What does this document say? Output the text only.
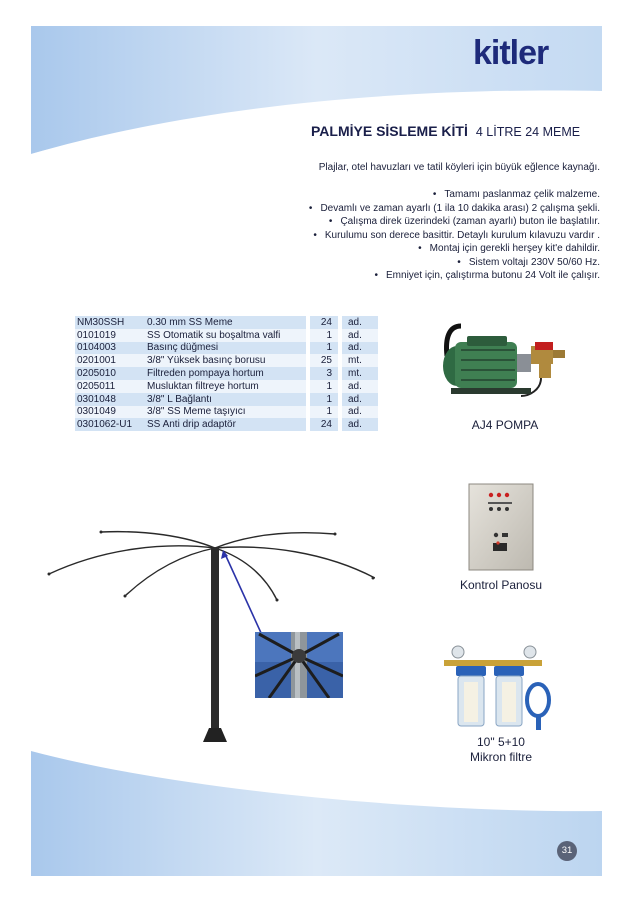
kitler
PALMİYE SİSLEME KİTİ 4 LİTRE 24 MEME
Plajlar, otel havuzları ve tatil köyleri için büyük eğlence kaynağı.
• Tamamı paslanmaz çelik malzeme.
• Devamlı ve zaman ayarlı (1 ila 10 dakika arası) 2 çalışma şekli.
• Çalışma direk üzerindeki (zaman ayarlı) buton ile başlatılır.
• Kurulumu son derece basittir. Detaylı kurulum kılavuzu vardır .
• Montaj için gerekli herşey kit'e dahildir.
• Sistem voltajı 230V 50/60 Hz.
• Emniyet için, çalıştırma butonu 24 Volt ile çalışır.
NM30SSH	0.30 mm SS Meme		24		ad.
0101019	SS Otomatik su boşaltma valfi		1		ad.
0104003	Basınç düğmesi		1		ad.
0201001	3/8" Yüksek basınç borusu		25		mt.
0205010	Filtreden pompaya hortum		3		mt.
0205011	Musluktan filtreye hortum		1		ad.
0301048	3/8" L Bağlantı		1		ad.
0301049	3/8" SS Meme taşıyıcı		1		ad.
0301062-U1	SS Anti drip adaptör		24		ad.	AJ4 POMPA
Kontrol Panosu
10" 5+10
Mikron filtre
31
